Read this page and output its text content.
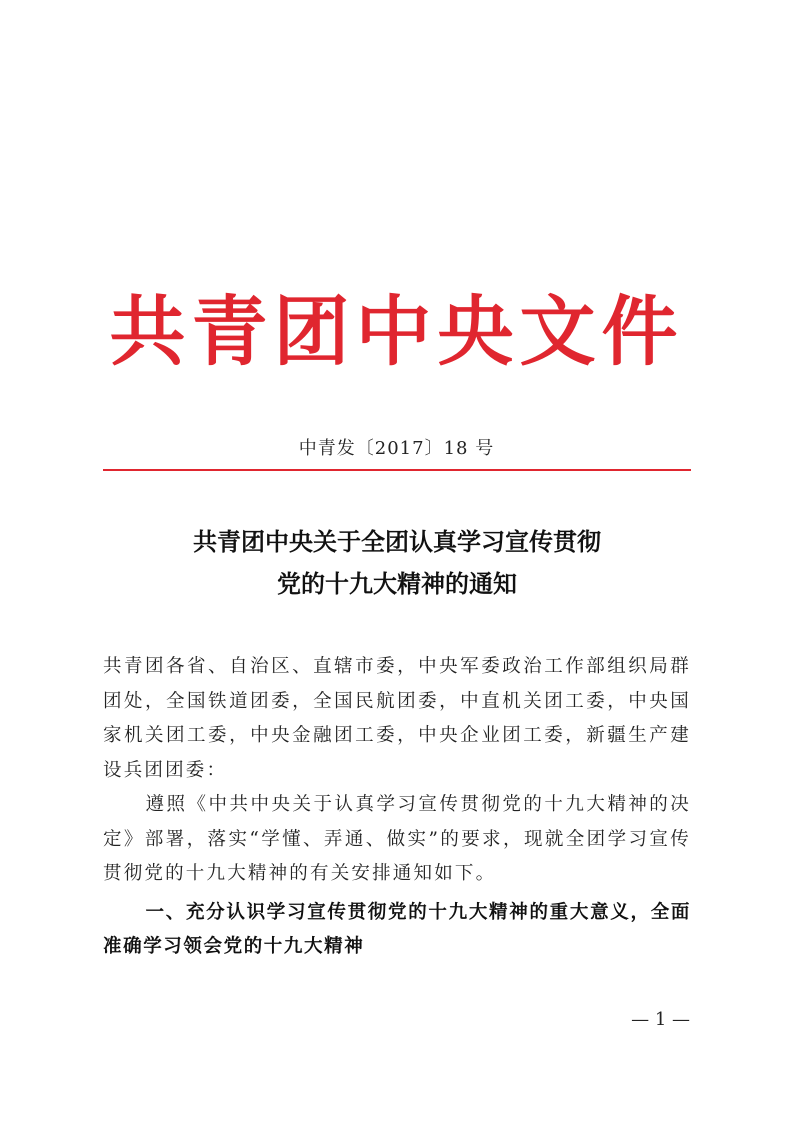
共青团中央文件
中青发〔2017〕18 号
共青团中央关于全团认真学习宣传贯彻
党的十九大精神的通知

共青团各省、自治区、直辖市委，中央军委政治工作部组织局群团处，全国铁道团委，全国民航团委，中直机关团工委，中央国家机关团工委，中央金融团工委，中央企业团工委，新疆生产建设兵团团委：

遵照《中共中央关于认真学习宣传贯彻党的十九大精神的决定》部署，落实“学懂、弄通、做实”的要求，现就全团学习宣传贯彻党的十九大精神的有关安排通知如下。

一、充分认识学习宣传贯彻党的十九大精神的重大意义，全面准确学习领会党的十九大精神

— 1 —
